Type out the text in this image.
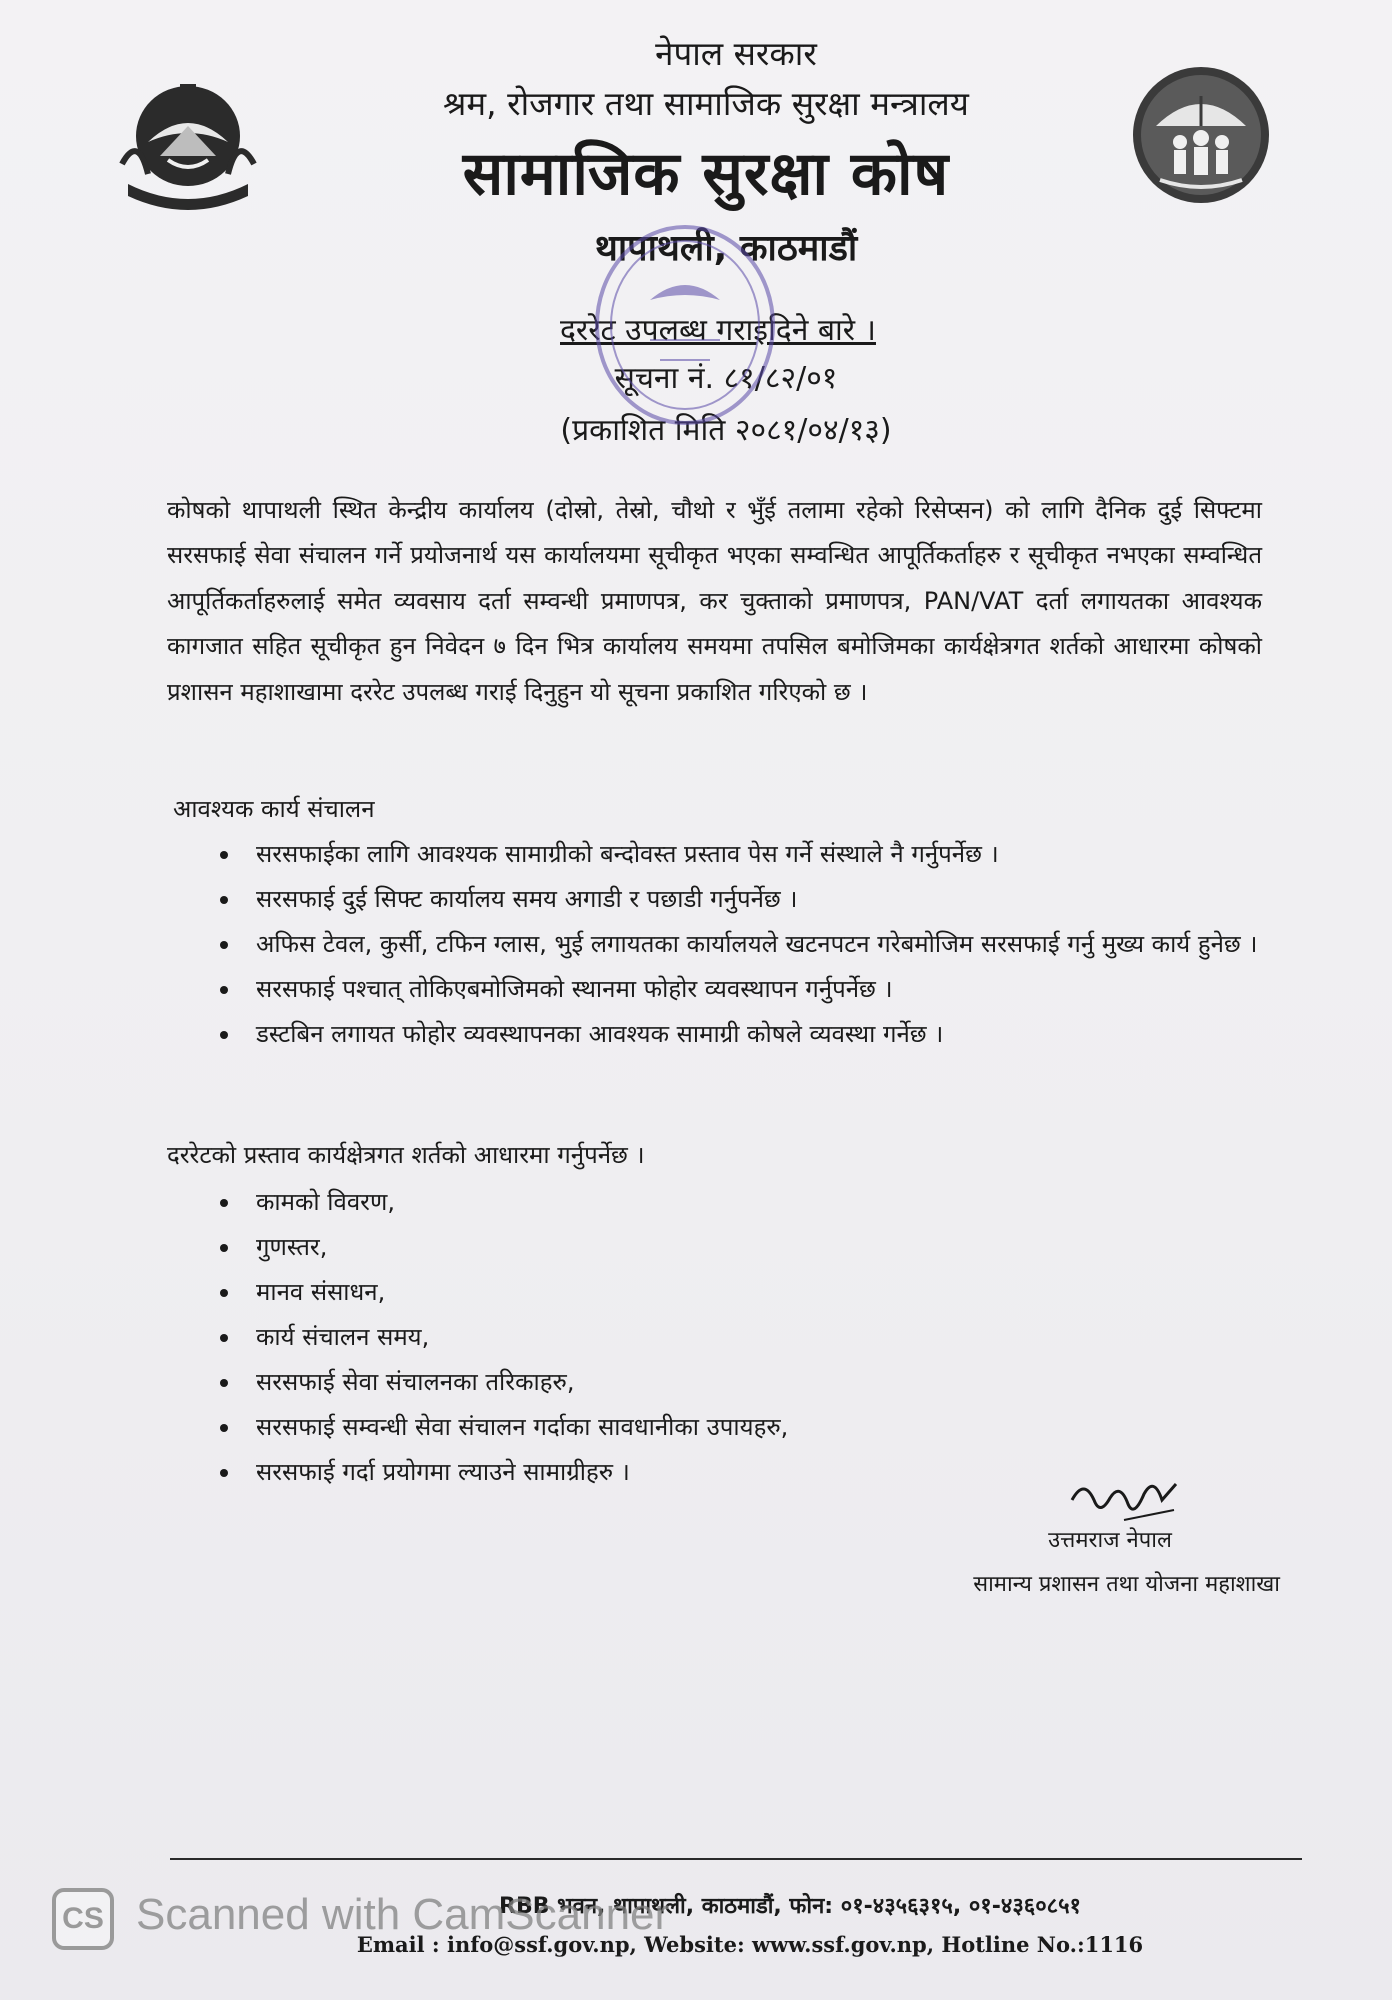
नेपाल सरकार
श्रम, रोजगार तथा सामाजिक सुरक्षा मन्त्रालय
सामाजिक सुरक्षा कोष
थापाथली, काठमाडौं
दररेट उपलब्ध गराइदिने बारे ।
सूचना नं. ८१/८२/०१
(प्रकाशित मिति २०८१/०४/१३)
कोषको थापाथली स्थित केन्द्रीय कार्यालय (दोस्रो, तेस्रो, चौथो र भुँई तलामा रहेको रिसेप्सन) को लागि दैनिक दुई सिफ्टमा सरसफाई सेवा संचालन गर्ने प्रयोजनार्थ यस कार्यालयमा सूचीकृत भएका सम्वन्धित आपूर्तिकर्ताहरु र सूचीकृत नभएका सम्वन्धित आपूर्तिकर्ताहरुलाई समेत व्यवसाय दर्ता सम्वन्धी प्रमाणपत्र, कर चुक्ताको प्रमाणपत्र, PAN/VAT दर्ता लगायतका आवश्यक कागजात सहित सूचीकृत हुन निवेदन ७ दिन भित्र कार्यालय समयमा तपसिल बमोजिमका कार्यक्षेत्रगत शर्तको आधारमा कोषको प्रशासन महाशाखामा दररेट उपलब्ध गराई दिनुहुन यो सूचना प्रकाशित गरिएको छ ।
आवश्यक कार्य संचालन
सरसफाईका लागि आवश्यक सामाग्रीको बन्दोवस्त प्रस्ताव पेस गर्ने संस्थाले नै गर्नुपर्नेछ ।
सरसफाई दुई सिफ्ट कार्यालय समय अगाडी र पछाडी गर्नुपर्नेछ ।
अफिस टेवल, कुर्सी, टफिन ग्लास, भुई लगायतका कार्यालयले खटनपटन गरेबमोजिम सरसफाई गर्नु मुख्य कार्य हुनेछ ।
सरसफाई पश्चात् तोकिएबमोजिमको स्थानमा फोहोर व्यवस्थापन गर्नुपर्नेछ ।
डस्टबिन लगायत फोहोर व्यवस्थापनका आवश्यक सामाग्री कोषले व्यवस्था गर्नेछ ।
दररेटको प्रस्ताव कार्यक्षेत्रगत शर्तको आधारमा गर्नुपर्नेछ ।
कामको विवरण,
गुणस्तर,
मानव संसाधन,
कार्य संचालन समय,
सरसफाई सेवा संचालनका तरिकाहरु,
सरसफाई सम्वन्धी सेवा संचालन गर्दाका सावधानीका उपायहरु,
सरसफाई गर्दा प्रयोगमा ल्याउने सामाग्रीहरु ।
उत्तमराज नेपाल
सामान्य प्रशासन तथा योजना महाशाखा
RBB भवन, थापाथली, काठमाडौं, फोन: ०१-४३५६३१५, ०१-४३६०८५१
Email : info@ssf.gov.np, Website: www.ssf.gov.np, Hotline No.:1116
CS Scanned with CamScanner
